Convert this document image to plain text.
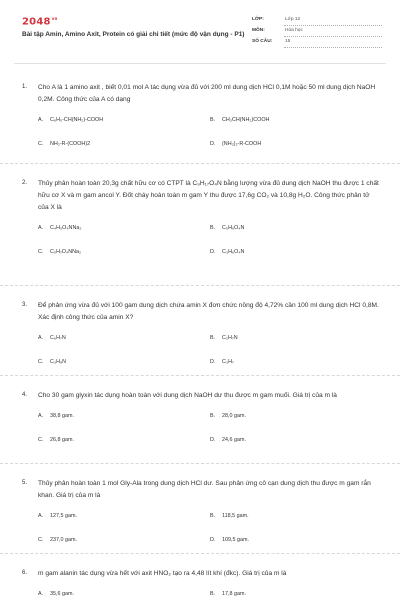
$2048^{vn}$
Bài tập Amin, Amino Axit, Protein có giải chi tiết (mức độ vận dụng - P1)
LỚP:	Lớp 12
MÔN:	Hóa học
SỐ CÂU:	15
1. Cho A là 1 amino axit , biết 0,01 mol A tác dụng vừa đủ với 200 ml dung dịch HCl 0,1M hoặc 50 ml dung dịch NaOH 0,2M. Công thức của A có dạng
A.	C₆H₅-CH(NH₂)-COOH	B.	CH₃CH(NH₂)COOH
C.	NH₂-R-(COOH)2	D.	(NH₂)₂-R-COOH
2. Thủy phân hoàn toàn 20,3g chất hữu cơ có CTPT là C₉H₁₇O₄N bằng lượng vừa đủ dung dịch NaOH thu được 1 chất hữu cơ X và m gam ancol Y. Đốt cháy hoàn toàn m gam Y thu được 17,6g CO₂ và 10,8g H₂O. Công thức phân tử của X là
A.	C₄H₅O₄NNa₂	B.	C₅H₉O₄N
C.	C₅H₇O₄NNa₂	D.	C₃H₆O₄N
3. Để phản ứng vừa đủ với 100 gam dung dịch chứa amin X đơn chức nồng độ 4,72% cần 100 ml dung dịch HCl 0,8M. Xác định công thức của amin X?
A.	C₆H₇N	B.	C₂H₇N
C.	C₃H₉N	D.	C₃H₇
4. Cho 30 gam glyxin tác dụng hoàn toàn với dung dịch NaOH dư thu được m gam muối. Giá trị của m là
A.	38,8 gam.	B.	28,0 gam.
C.	26,8 gam.	D.	24,6 gam.
5. Thủy phân hoàn toàn 1 mol Gly-Ala trong dung dịch HCl dư. Sau phản ứng cô cạn dung dịch thu được m gam rắn khan. Giá trị của m là
A.	127,5 gam.	B.	118,5 gam.
C.	237,0 gam.	D.	109,5 gam.
6. m gam alanin tác dụng vừa hết với axit HNO₂ tạo ra 4,48 lít khí (đkc). Giá trị của m là
A.	35,6 gam.	B.	17,8 gam.
